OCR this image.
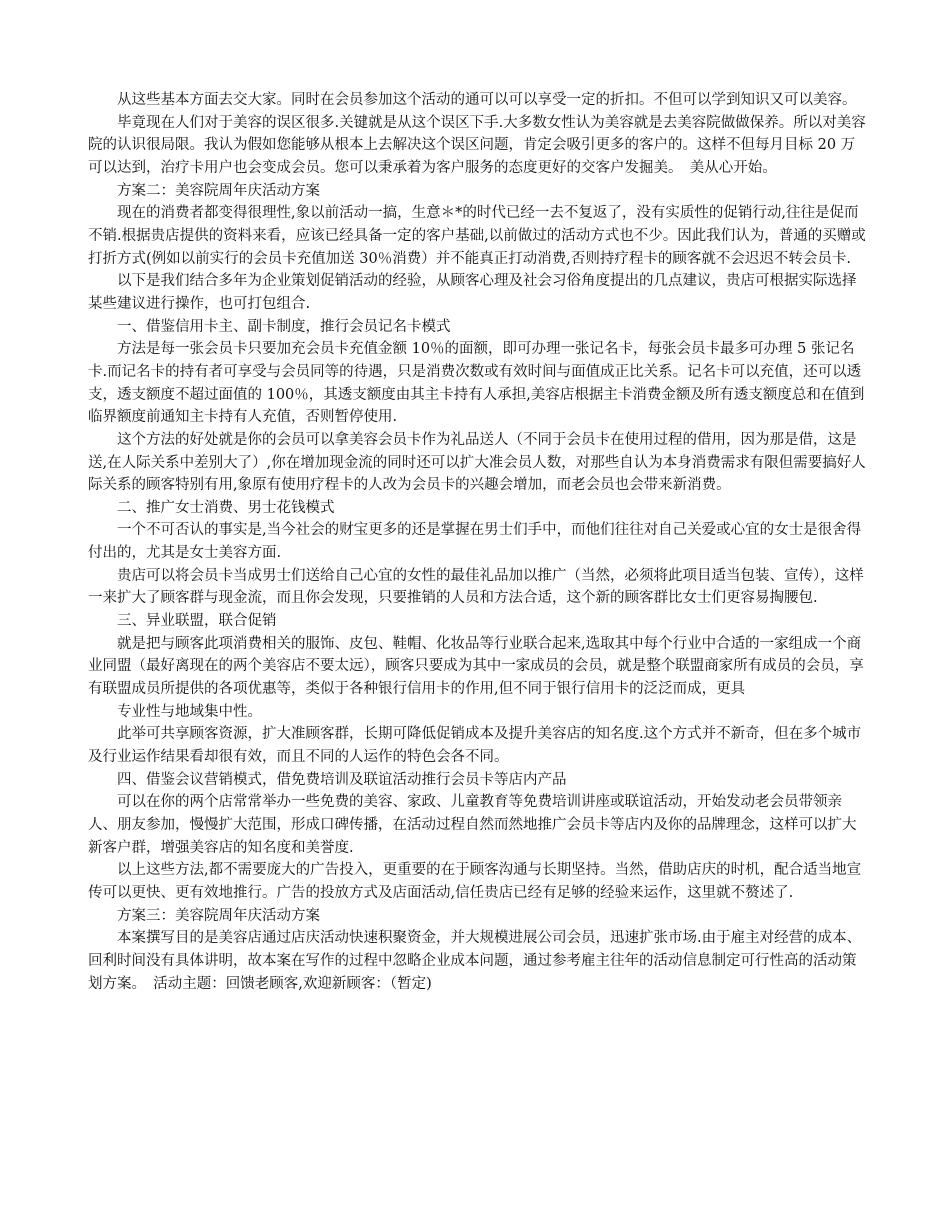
从这些基本方面去交大家。同时在会员参加这个活动的通可以可以享受一定的折扣。不但可以学到知识又可以美容。

毕竟现在人们对于美容的误区很多.关键就是从这个误区下手.大多数女性认为美容就是去美容院做做保养。所以对美容院的认识很局限。我认为假如您能够从根本上去解决这个误区问题，肯定会吸引更多的客户的。这样不但每月目标 20 万可以达到，治疗卡用户也会变成会员。您可以秉承着为客户服务的态度更好的交客户发掘美。　美从心开始。

方案二：美容院周年庆活动方案

现在的消费者都变得很理性,象以前活动一搞，生意＊*的时代已经一去不复返了，没有实质性的促销行动,往往是促而不销.根据贵店提供的资料来看，应该已经具备一定的客户基础,以前做过的活动方式也不少。因此我们认为，普通的买赠或打折方式(例如以前实行的会员卡充值加送 30％消费）并不能真正打动消费,否则持疗程卡的顾客就不会迟迟不转会员卡.

以下是我们结合多年为企业策划促销活动的经验，从顾客心理及社会习俗角度提出的几点建议，贵店可根据实际选择某些建议进行操作，也可打包组合.

一、借鉴信用卡主、副卡制度，推行会员记名卡模式

方法是每一张会员卡只要加充会员卡充值金额 10％的面额，即可办理一张记名卡，每张会员卡最多可办理 5 张记名卡.而记名卡的持有者可享受与会员同等的待遇，只是消费次数或有效时间与面值成正比关系。记名卡可以充值，还可以透支，透支额度不超过面值的 100％，其透支额度由其主卡持有人承担,美容店根据主卡消费金额及所有透支额度总和在值到临界额度前通知主卡持有人充值，否则暂停使用.

这个方法的好处就是你的会员可以拿美容会员卡作为礼品送人（不同于会员卡在使用过程的借用，因为那是借，这是送,在人际关系中差别大了）,你在增加现金流的同时还可以扩大准会员人数，对那些自认为本身消费需求有限但需要搞好人际关系的顾客特别有用,象原有使用疗程卡的人改为会员卡的兴趣会增加，而老会员也会带来新消费。

二、推广女士消费、男士花钱模式

一个不可否认的事实是,当今社会的财宝更多的还是掌握在男士们手中，而他们往往对自己关爱或心宜的女士是很舍得付出的，尤其是女士美容方面.

贵店可以将会员卡当成男士们送给自己心宜的女性的最佳礼品加以推广（当然，必须将此项目适当包装、宣传），这样一来扩大了顾客群与现金流，而且你会发现，只要推销的人员和方法合适，这个新的顾客群比女士们更容易掏腰包.

三、异业联盟，联合促销

就是把与顾客此项消费相关的服饰、皮包、鞋帽、化妆品等行业联合起来,选取其中每个行业中合适的一家组成一个商业同盟（最好离现在的两个美容店不要太远），顾客只要成为其中一家成员的会员，就是整个联盟商家所有成员的会员，享有联盟成员所提供的各项优惠等，类似于各种银行信用卡的作用,但不同于银行信用卡的泛泛而成，更具

专业性与地域集中性。

此举可共享顾客资源，扩大准顾客群，长期可降低促销成本及提升美容店的知名度.这个方式并不新奇，但在多个城市及行业运作结果看却很有效，而且不同的人运作的特色会各不同。

四、借鉴会议营销模式，借免费培训及联谊活动推行会员卡等店内产品

可以在你的两个店常常举办一些免费的美容、家政、儿童教育等免费培训讲座或联谊活动，开始发动老会员带领亲人、朋友参加，慢慢扩大范围，形成口碑传播，在活动过程自然而然地推广会员卡等店内及你的品牌理念，这样可以扩大新客户群，增强美容店的知名度和美誉度.

以上这些方法,都不需要庞大的广告投入，更重要的在于顾客沟通与长期坚持。当然，借助店庆的时机，配合适当地宣传可以更快、更有效地推行。广告的投放方式及店面活动,信任贵店已经有足够的经验来运作，这里就不赘述了.

方案三：美容院周年庆活动方案

本案撰写目的是美容店通过店庆活动快速积聚资金，并大规模进展公司会员，迅速扩张市场.由于雇主对经营的成本、回利时间没有具体讲明，故本案在写作的过程中忽略企业成本问题，通过参考雇主往年的活动信息制定可行性高的活动策划方案。　活动主题：回馈老顾客,欢迎新顾客：（暂定)
